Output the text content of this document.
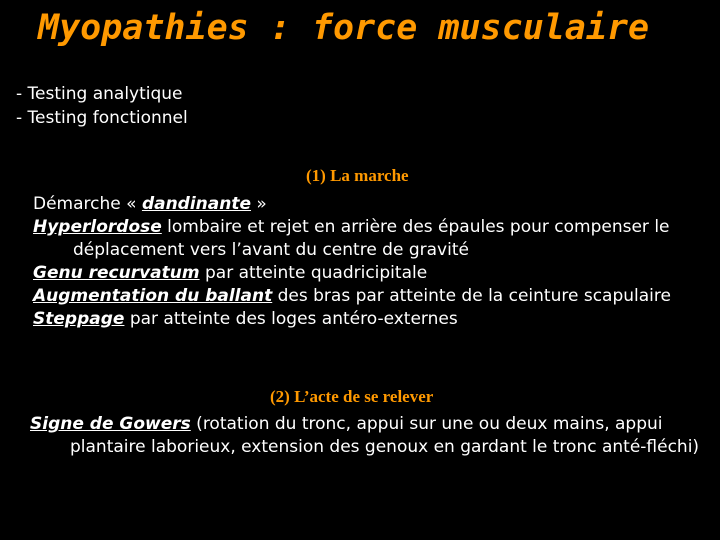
Myopathies : force musculaire
- Testing analytique
- Testing fonctionnel
(1) La marche
Démarche « dandinante »
Hyperlordose lombaire et rejet en arrière des épaules pour compenser le déplacement vers l’avant du centre de gravité
Genu recurvatum par atteinte quadricipitale
Augmentation du ballant des bras par atteinte de la ceinture scapulaire
Steppage par atteinte des loges antéro-externes
(2) L’acte de se relever
Signe de Gowers (rotation du tronc, appui sur une ou deux mains, appui plantaire laborieux, extension des genoux en gardant le tronc anté-fléchi)
